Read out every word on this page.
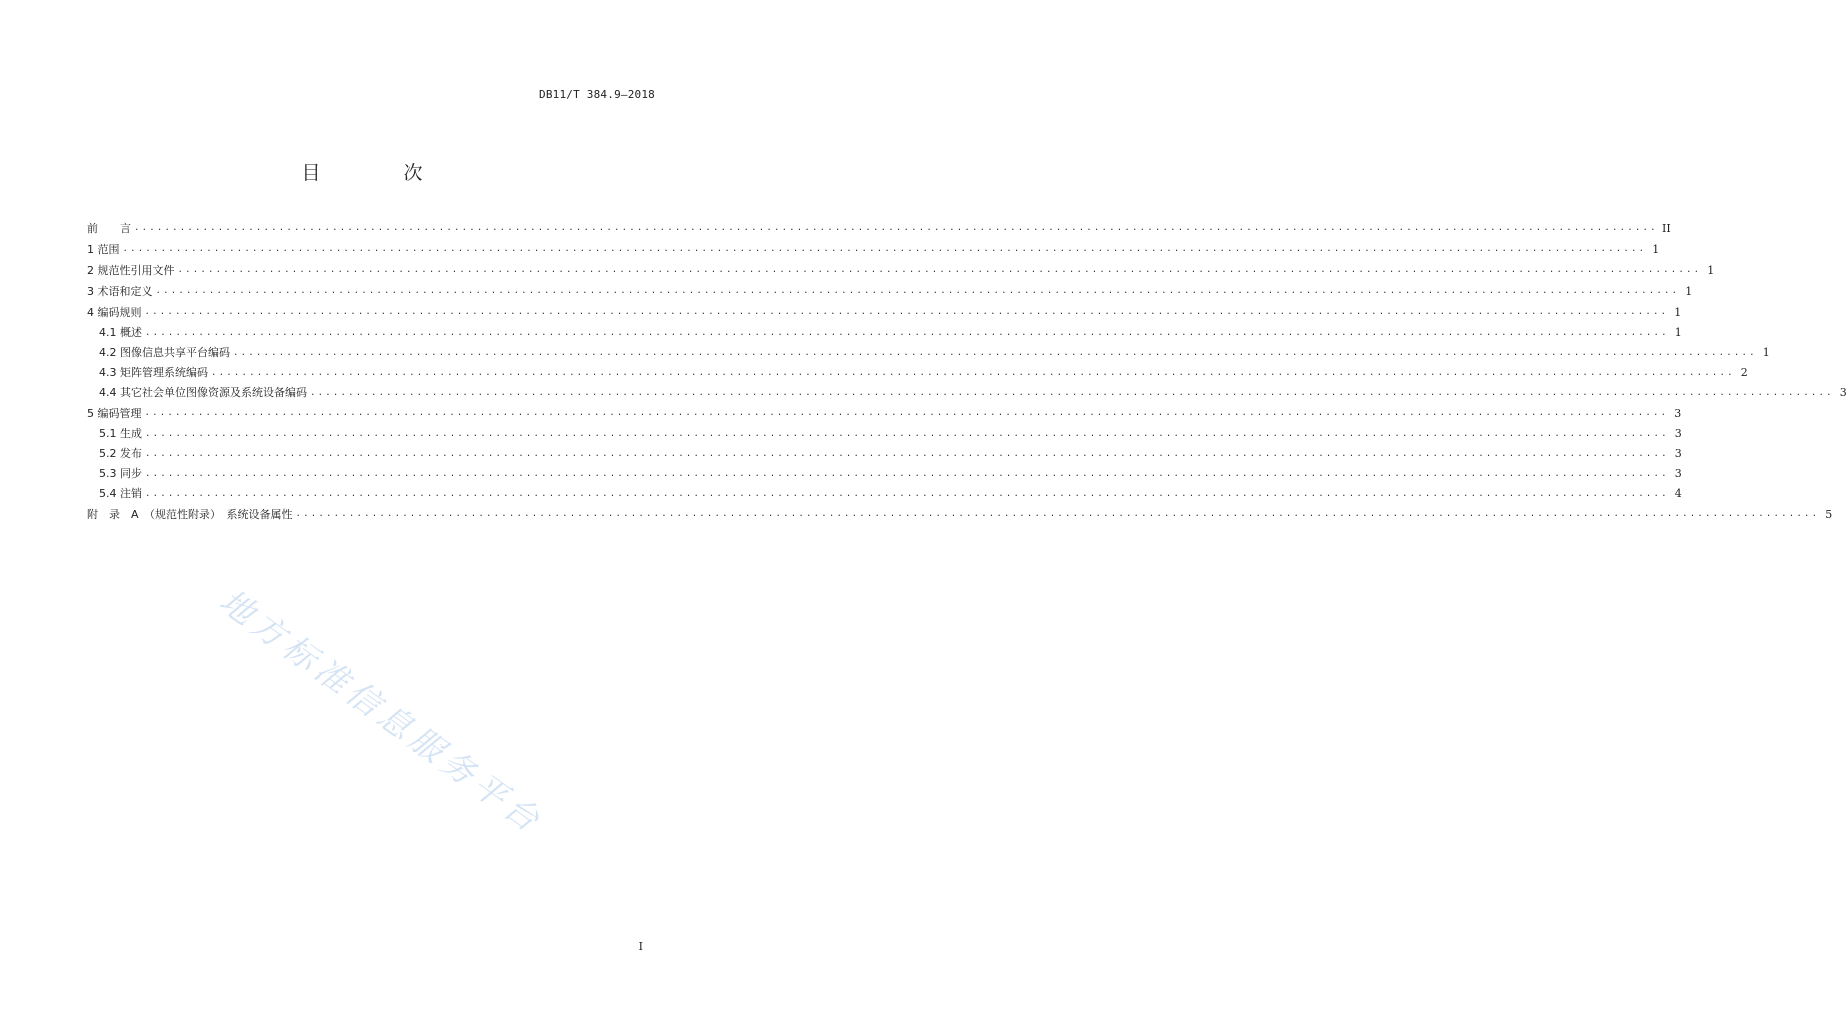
DB11/T 384.9—2018
目　次
前　　言 ........................................................................................................................................................................................................ II
1 范围 ........................................................................................................................................................................................................ 1
2 规范性引用文件 ........................................................................................................................................................................................................ 1
3 术语和定义 ........................................................................................................................................................................................................ 1
4 编码规则 ........................................................................................................................................................................................................ 1
4.1 概述 ........................................................................................................................................................................................................ 1
4.2 图像信息共享平台编码 ........................................................................................................................................................................................................ 1
4.3 矩阵管理系统编码 ........................................................................................................................................................................................................ 2
4.4 其它社会单位图像资源及系统设备编码 ........................................................................................................................................................................................................ 3
5 编码管理 ........................................................................................................................................................................................................ 3
5.1 生成 ........................................................................................................................................................................................................ 3
5.2 发布 ........................................................................................................................................................................................................ 3
5.3 同步 ........................................................................................................................................................................................................ 3
5.4 注销 ........................................................................................................................................................................................................ 4
附　录　A　（规范性附录）　系统设备属性 ........................................................................................................................................................................................................ 5
地方标准信息服务平台
I
